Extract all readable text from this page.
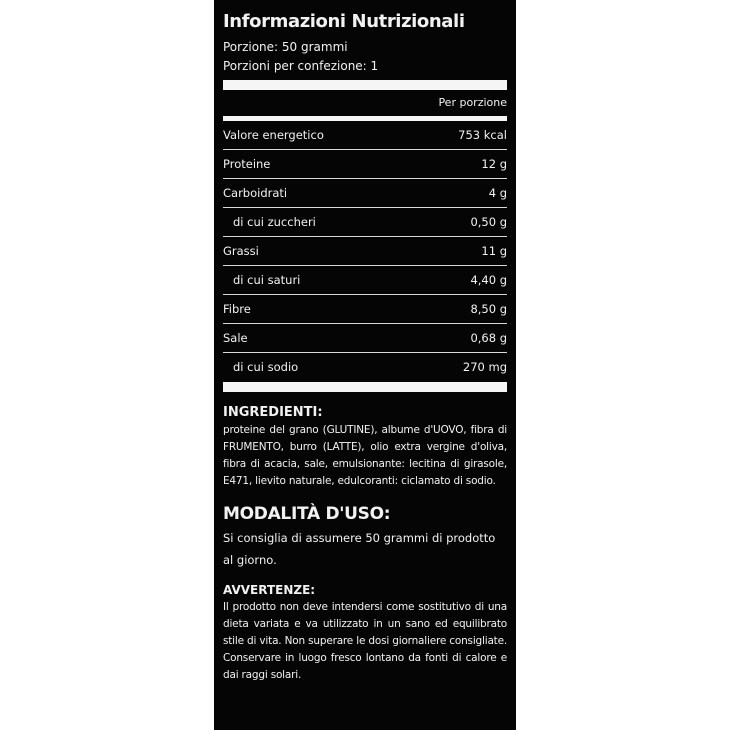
Informazioni Nutrizionali
Porzione: 50 grammi
Porzioni per confezione: 1
Per porzione
Valore energetico	753 kcal
Proteine	12 g
Carboidrati	4 g
di cui zuccheri	0,50 g
Grassi	11 g
di cui saturi	4,40 g
Fibre	8,50 g
Sale	0,68 g
di cui sodio	270 mg
INGREDIENTI:
proteine del grano (GLUTINE), albume d'UOVO, fibra di FRUMENTO, burro (LATTE), olio extra vergine d'oliva, fibra di acacia, sale, emulsionante: lecitina di girasole, E471, lievito naturale, edulcoranti: ciclamato di sodio.
MODALITÀ D'USO:
Si consiglia di assumere 50 grammi di prodotto al giorno.
AVVERTENZE:
Il prodotto non deve intendersi come sostitutivo di una dieta variata e va utilizzato in un sano ed equilibrato stile di vita. Non superare le dosi giornaliere consigliate. Conservare in luogo fresco lontano da fonti di calore e dai raggi solari.
